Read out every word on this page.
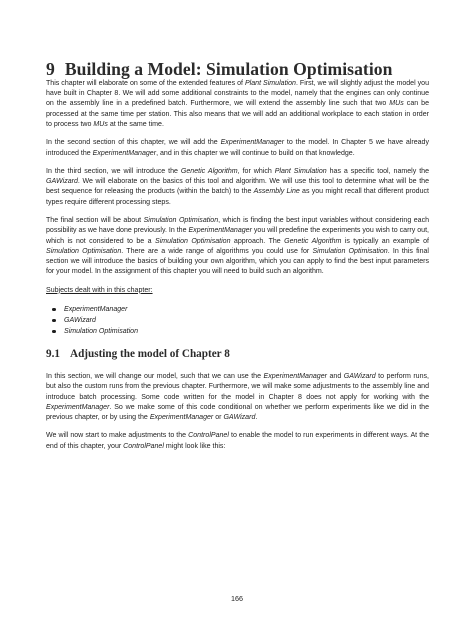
9 Building a Model: Simulation Optimisation

This chapter will elaborate on some of the extended features of Plant Simulation. First, we will slightly adjust the model you have built in Chapter 8. We will add some additional constraints to the model, namely that the engines can only continue on the assembly line in a predefined batch. Furthermore, we will extend the assembly line such that two MUs can be processed at the same time per station. This also means that we will add an additional workplace to each station in order to process two MUs at the same time.

In the second section of this chapter, we will add the ExperimentManager to the model. In Chapter 5 we have already introduced the ExperimentManager, and in this chapter we will continue to build on that knowledge.

In the third section, we will introduce the Genetic Algorithm, for which Plant Simulation has a specific tool, namely the GAWizard. We will elaborate on the basics of this tool and algorithm. We will use this tool to determine what will be the best sequence for releasing the products (within the batch) to the Assembly Line as you might recall that different product types require different processing steps.

The final section will be about Simulation Optimisation, which is finding the best input variables without considering each possibility as we have done previously. In the ExperimentManager you will predefine the experiments you wish to carry out, which is not considered to be a Simulation Optimisation approach. The Genetic Algorithm is typically an example of Simulation Optimisation. There are a wide range of algorithms you could use for Simulation Optimisation. In this final section we will introduce the basics of building your own algorithm, which you can apply to find the best input parameters for your model. In the assignment of this chapter you will need to build such an algorithm.

Subjects dealt with in this chapter:

ExperimentManager
GAWizard
Simulation Optimisation
9.1 Adjusting the model of Chapter 8

In this section, we will change our model, such that we can use the ExperimentManager and GAWizard to perform runs, but also the custom runs from the previous chapter. Furthermore, we will make some adjustments to the assembly line and introduce batch processing. Some code written for the model in Chapter 8 does not apply for working with the ExperimentManager. So we make some of this code conditional on whether we perform experiments like we did in the previous chapter, or by using the ExperimentManager or GAWizard.

We will now start to make adjustments to the ControlPanel to enable the model to run experiments in different ways. At the end of this chapter, your ControlPanel might look like this:

166
